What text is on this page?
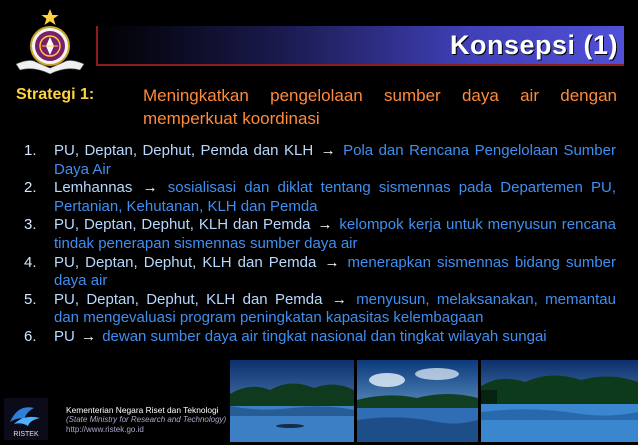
Konsepsi (1)
Strategi 1:	Meningkatkan pengelolaan sumber daya air dengan memperkuat koordinasi
1. PU, Deptan, Dephut, Pemda dan KLH → Pola dan Rencana Pengelolaan Sumber Daya Air
2. Lemhannas → sosialisasi dan diklat tentang sismennas pada Departemen PU, Pertanian, Kehutanan, KLH dan Pemda
3. PU, Deptan, Dephut, KLH dan Pemda → kelompok kerja untuk menyusun rencana tindak penerapan sismennas sumber daya air
4. PU, Deptan, Dephut, KLH dan Pemda → menerapkan sismennas bidang sumber daya air
5. PU, Deptan, Dephut, KLH dan Pemda → menyusun, melaksanakan, memantau dan mengevaluasi program peningkatan kapasitas kelembagaan
6. PU → dewan sumber daya air tingkat nasional dan tingkat wilayah sungai
RISTEK
Kementerian Negara Riset dan Teknologi
(State Ministry for Research and Technology)
http://www.ristek.go.id
